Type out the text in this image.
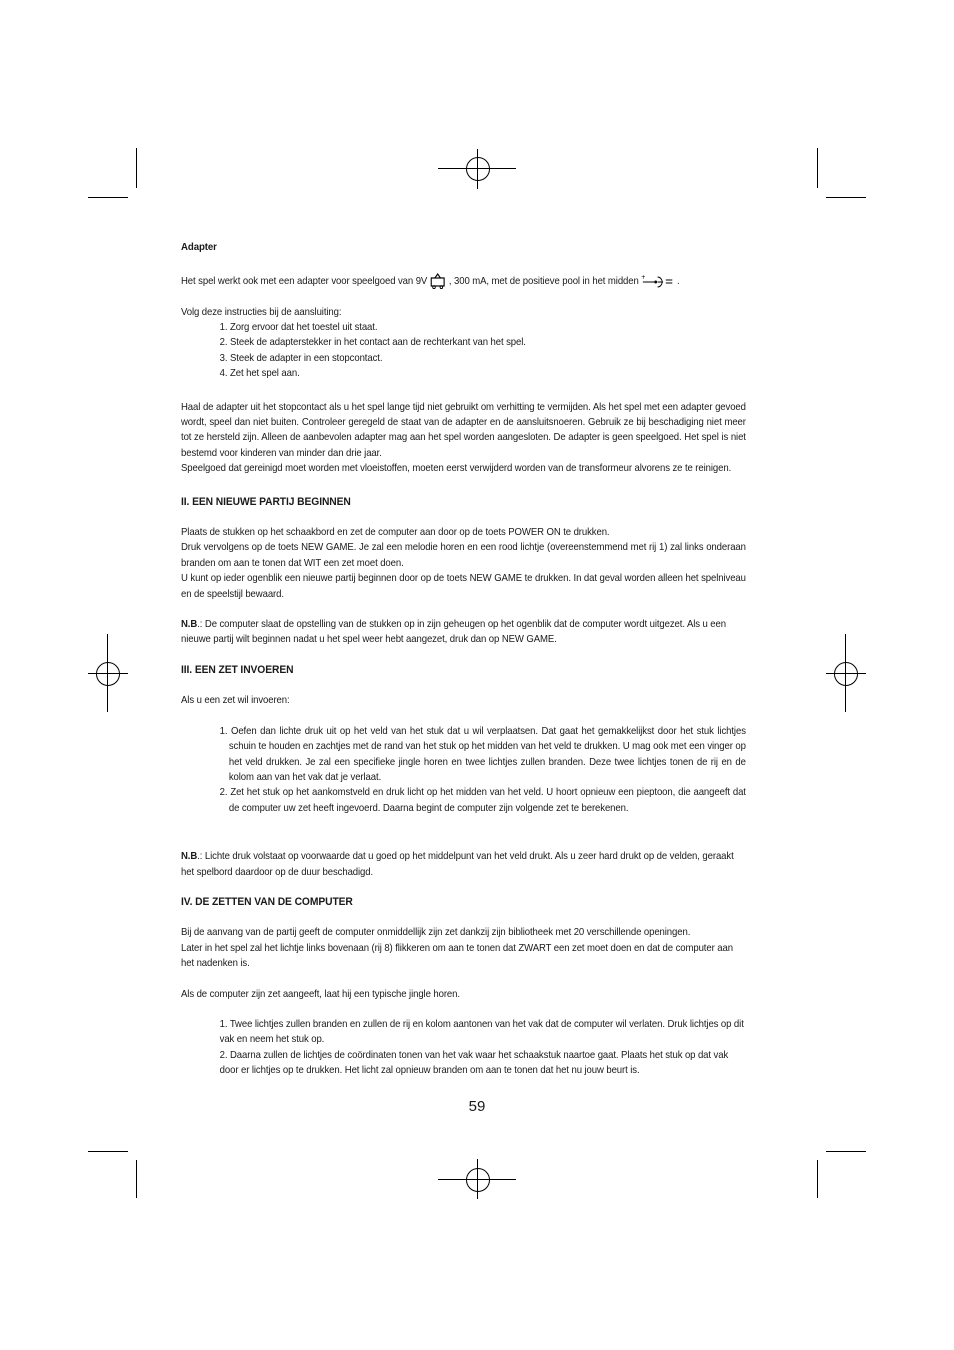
Adapter

Het spel werkt ook met een adapter voor speelgoed van 9V , 300 mA, met de positieve pool in het midden +	.

Volg deze instructies bij de aansluiting:

1. Zorg ervoor dat het toestel uit staat.

2. Steek de adapterstekker in het contact aan de rechterkant van het spel.

3. Steek de adapter in een stopcontact.

4. Zet het spel aan.

Haal de adapter uit het stopcontact als u het spel lange tijd niet gebruikt om verhitting te vermijden. Als het spel met een adapter gevoed wordt, speel dan niet buiten. Controleer geregeld de staat van de adapter en de aansluitsnoeren. Gebruik ze bij beschadiging niet meer tot ze hersteld zijn. Alleen de aanbevolen adapter mag aan het spel worden aangesloten. De adapter is geen speelgoed. Het spel is niet bestemd voor kinderen van minder dan drie jaar.

Speelgoed dat gereinigd moet worden met vloeistoffen, moeten eerst verwijderd worden van de transformeur alvorens ze te reinigen.

II. EEN NIEUWE PARTIJ BEGINNEN

Plaats de stukken op het schaakbord en zet de computer aan door op de toets POWER ON te drukken.

Druk vervolgens op de toets NEW GAME. Je zal een melodie horen en een rood lichtje (overeenstemmend met rij 1) zal links onderaan branden om aan te tonen dat WIT een zet moet doen.

U kunt op ieder ogenblik een nieuwe partij beginnen door op de toets NEW GAME te drukken. In dat geval worden alleen het spelniveau en de speelstijl bewaard.

N.B.: De computer slaat de opstelling van de stukken op in zijn geheugen op het ogenblik dat de computer wordt uitgezet. Als u een nieuwe partij wilt beginnen nadat u het spel weer hebt aangezet, druk dan op NEW GAME.

III. EEN ZET INVOEREN

Als u een zet wil invoeren:

1. Oefen dan lichte druk uit op het veld van het stuk dat u wil verplaatsen. Dat gaat het gemakkelijkst door het stuk lichtjes schuin te houden en zachtjes met de rand van het stuk op het midden van het veld te drukken. U mag ook met een vinger op het veld drukken. Je zal een specifieke jingle horen en twee lichtjes zullen branden. Deze twee lichtjes tonen de rij en de kolom aan van het vak dat je verlaat.

2. Zet het stuk op het aankomstveld en druk licht op het midden van het veld. U hoort opnieuw een pieptoon, die aangeeft dat de computer uw zet heeft ingevoerd. Daarna begint de computer zijn volgende zet te berekenen.

N.B.: Lichte druk volstaat op voorwaarde dat u goed op het middelpunt van het veld drukt. Als u zeer hard drukt op de velden, geraakt het spelbord daardoor op de duur beschadigd.

IV. DE ZETTEN VAN DE COMPUTER

Bij de aanvang van de partij geeft de computer onmiddellijk zijn zet dankzij zijn bibliotheek met 20 verschillende openingen.

Later in het spel zal het lichtje links bovenaan (rij 8) flikkeren om aan te tonen dat ZWART een zet moet doen en dat de computer aan het nadenken is.

Als de computer zijn zet aangeeft, laat hij een typische jingle horen.

1. Twee lichtjes zullen branden en zullen de rij en kolom aantonen van het vak dat de computer wil verlaten. Druk lichtjes op dit vak en neem het stuk op.

2. Daarna zullen de lichtjes de coördinaten tonen van het vak waar het schaakstuk naartoe gaat. Plaats het stuk op dat vak door er lichtjes op te drukken. Het licht zal opnieuw branden om aan te tonen dat het nu jouw beurt is.

59
